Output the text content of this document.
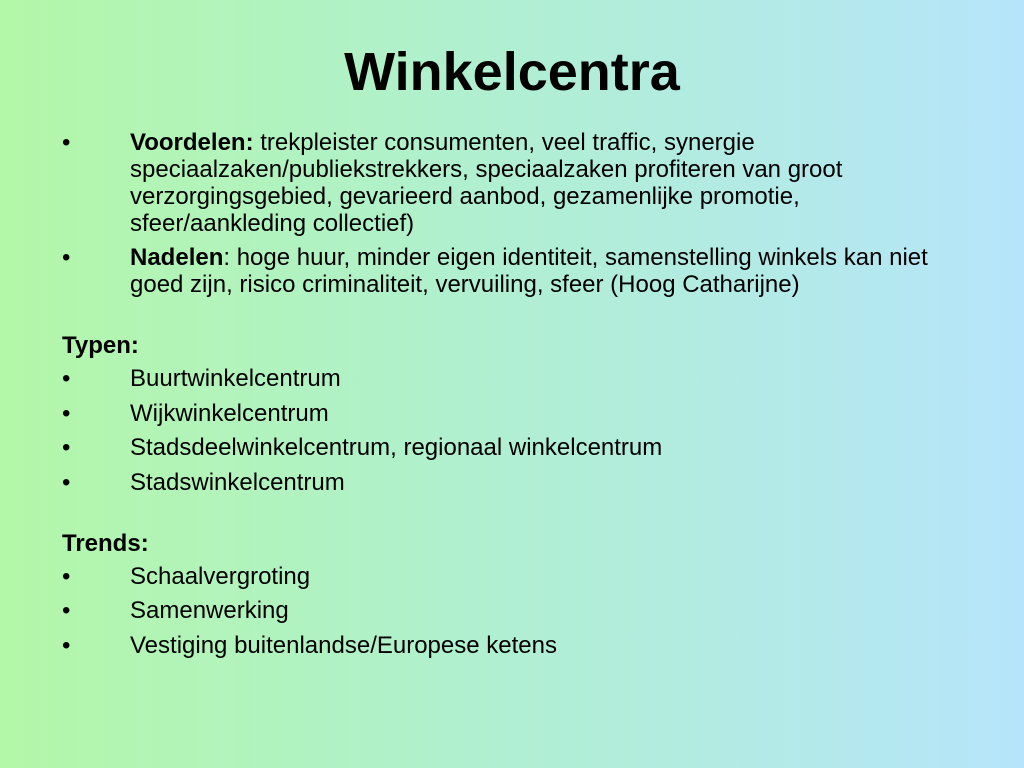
Winkelcentra
• Voordelen: trekpleister consumenten, veel traffic, synergie speciaalzaken/publiekstrekkers, speciaalzaken profiteren van groot verzorgingsgebied, gevarieerd aanbod, gezamenlijke promotie, sfeer/aankleding collectief)
• Nadelen: hoge huur, minder eigen identiteit, samenstelling winkels kan niet goed zijn, risico criminaliteit, vervuiling, sfeer (Hoog Catharijne)
Typen:
• Buurtwinkelcentrum
• Wijkwinkelcentrum
• Stadsdeelwinkelcentrum, regionaal winkelcentrum
• Stadswinkelcentrum
Trends:
• Schaalvergroting
• Samenwerking
• Vestiging buitenlandse/Europese ketens
